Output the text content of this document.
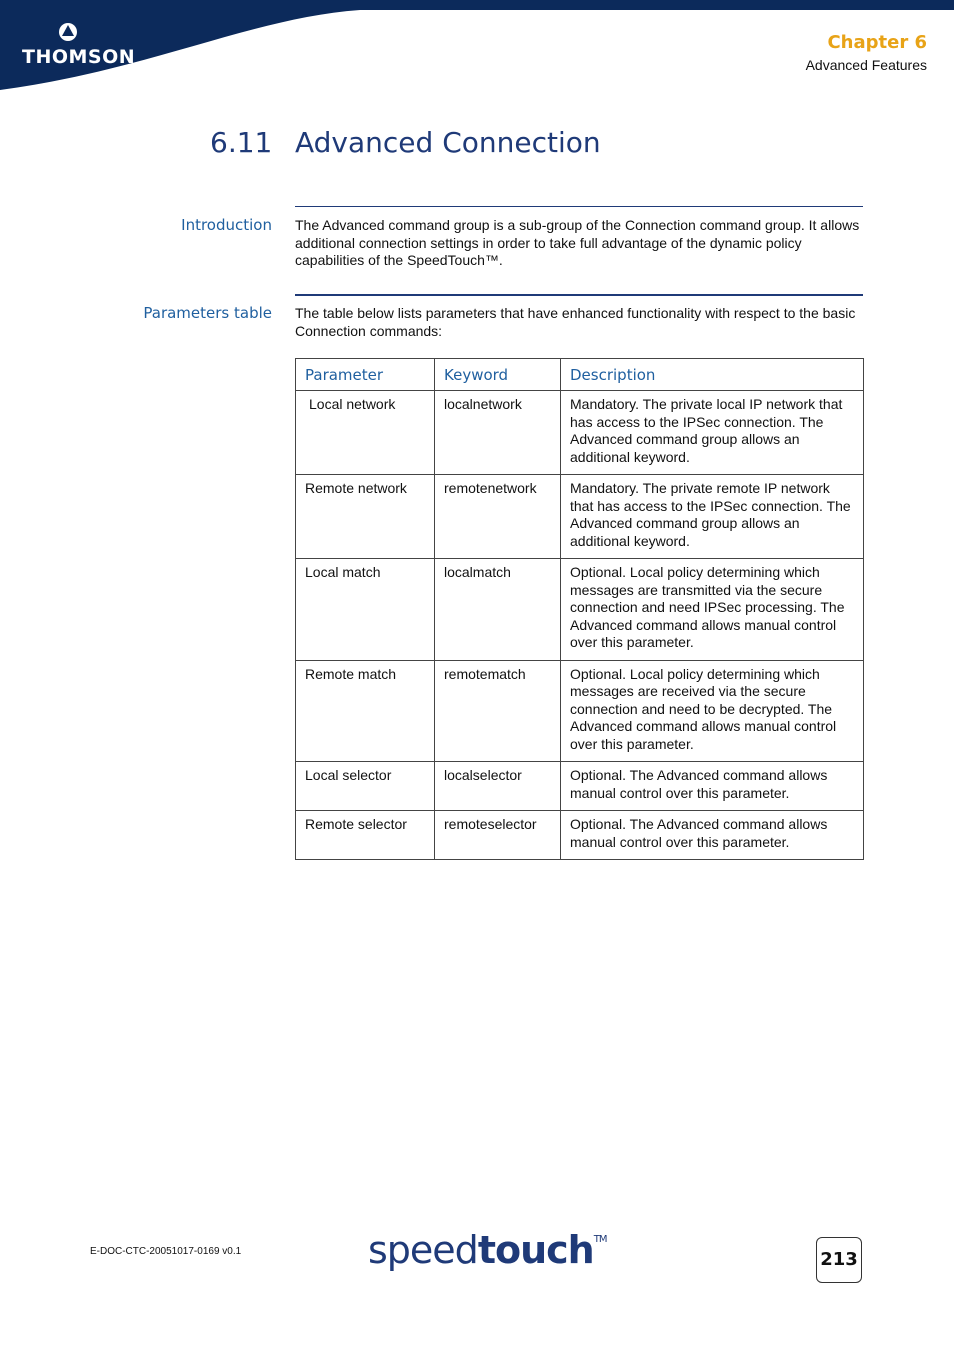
THOMSON
Chapter 6
Advanced Features
6.11 Advanced Connection
Introduction The Advanced command group is a sub-group of the Connection command group. It allows additional connection settings in order to take full advantage of the dynamic policy capabilities of the SpeedTouch™.
Parameters table The table below lists parameters that have enhanced functionality with respect to the basic Connection commands:
Parameter	Keyword	Description
Local network	localnetwork	Mandatory. The private local IP network that has access to the IPSec connection. The Advanced command group allows an additional keyword.
Remote network	remotenetwork	Mandatory. The private remote IP network that has access to the IPSec connection. The Advanced command group allows an additional keyword.
Local match	localmatch	Optional. Local policy determining which messages are transmitted via the secure connection and need IPSec processing. The Advanced command allows manual control over this parameter.
Remote match	remotematch	Optional. Local policy determining which messages are received via the secure connection and need to be decrypted. The Advanced command allows manual control over this parameter.
Local selector	localselector	Optional. The Advanced command allows manual control over this parameter.
Remote selector	remoteselector	Optional. The Advanced command allows manual control over this parameter.
E-DOC-CTC-20051017-0169 v0.1	speedtouch™
213
